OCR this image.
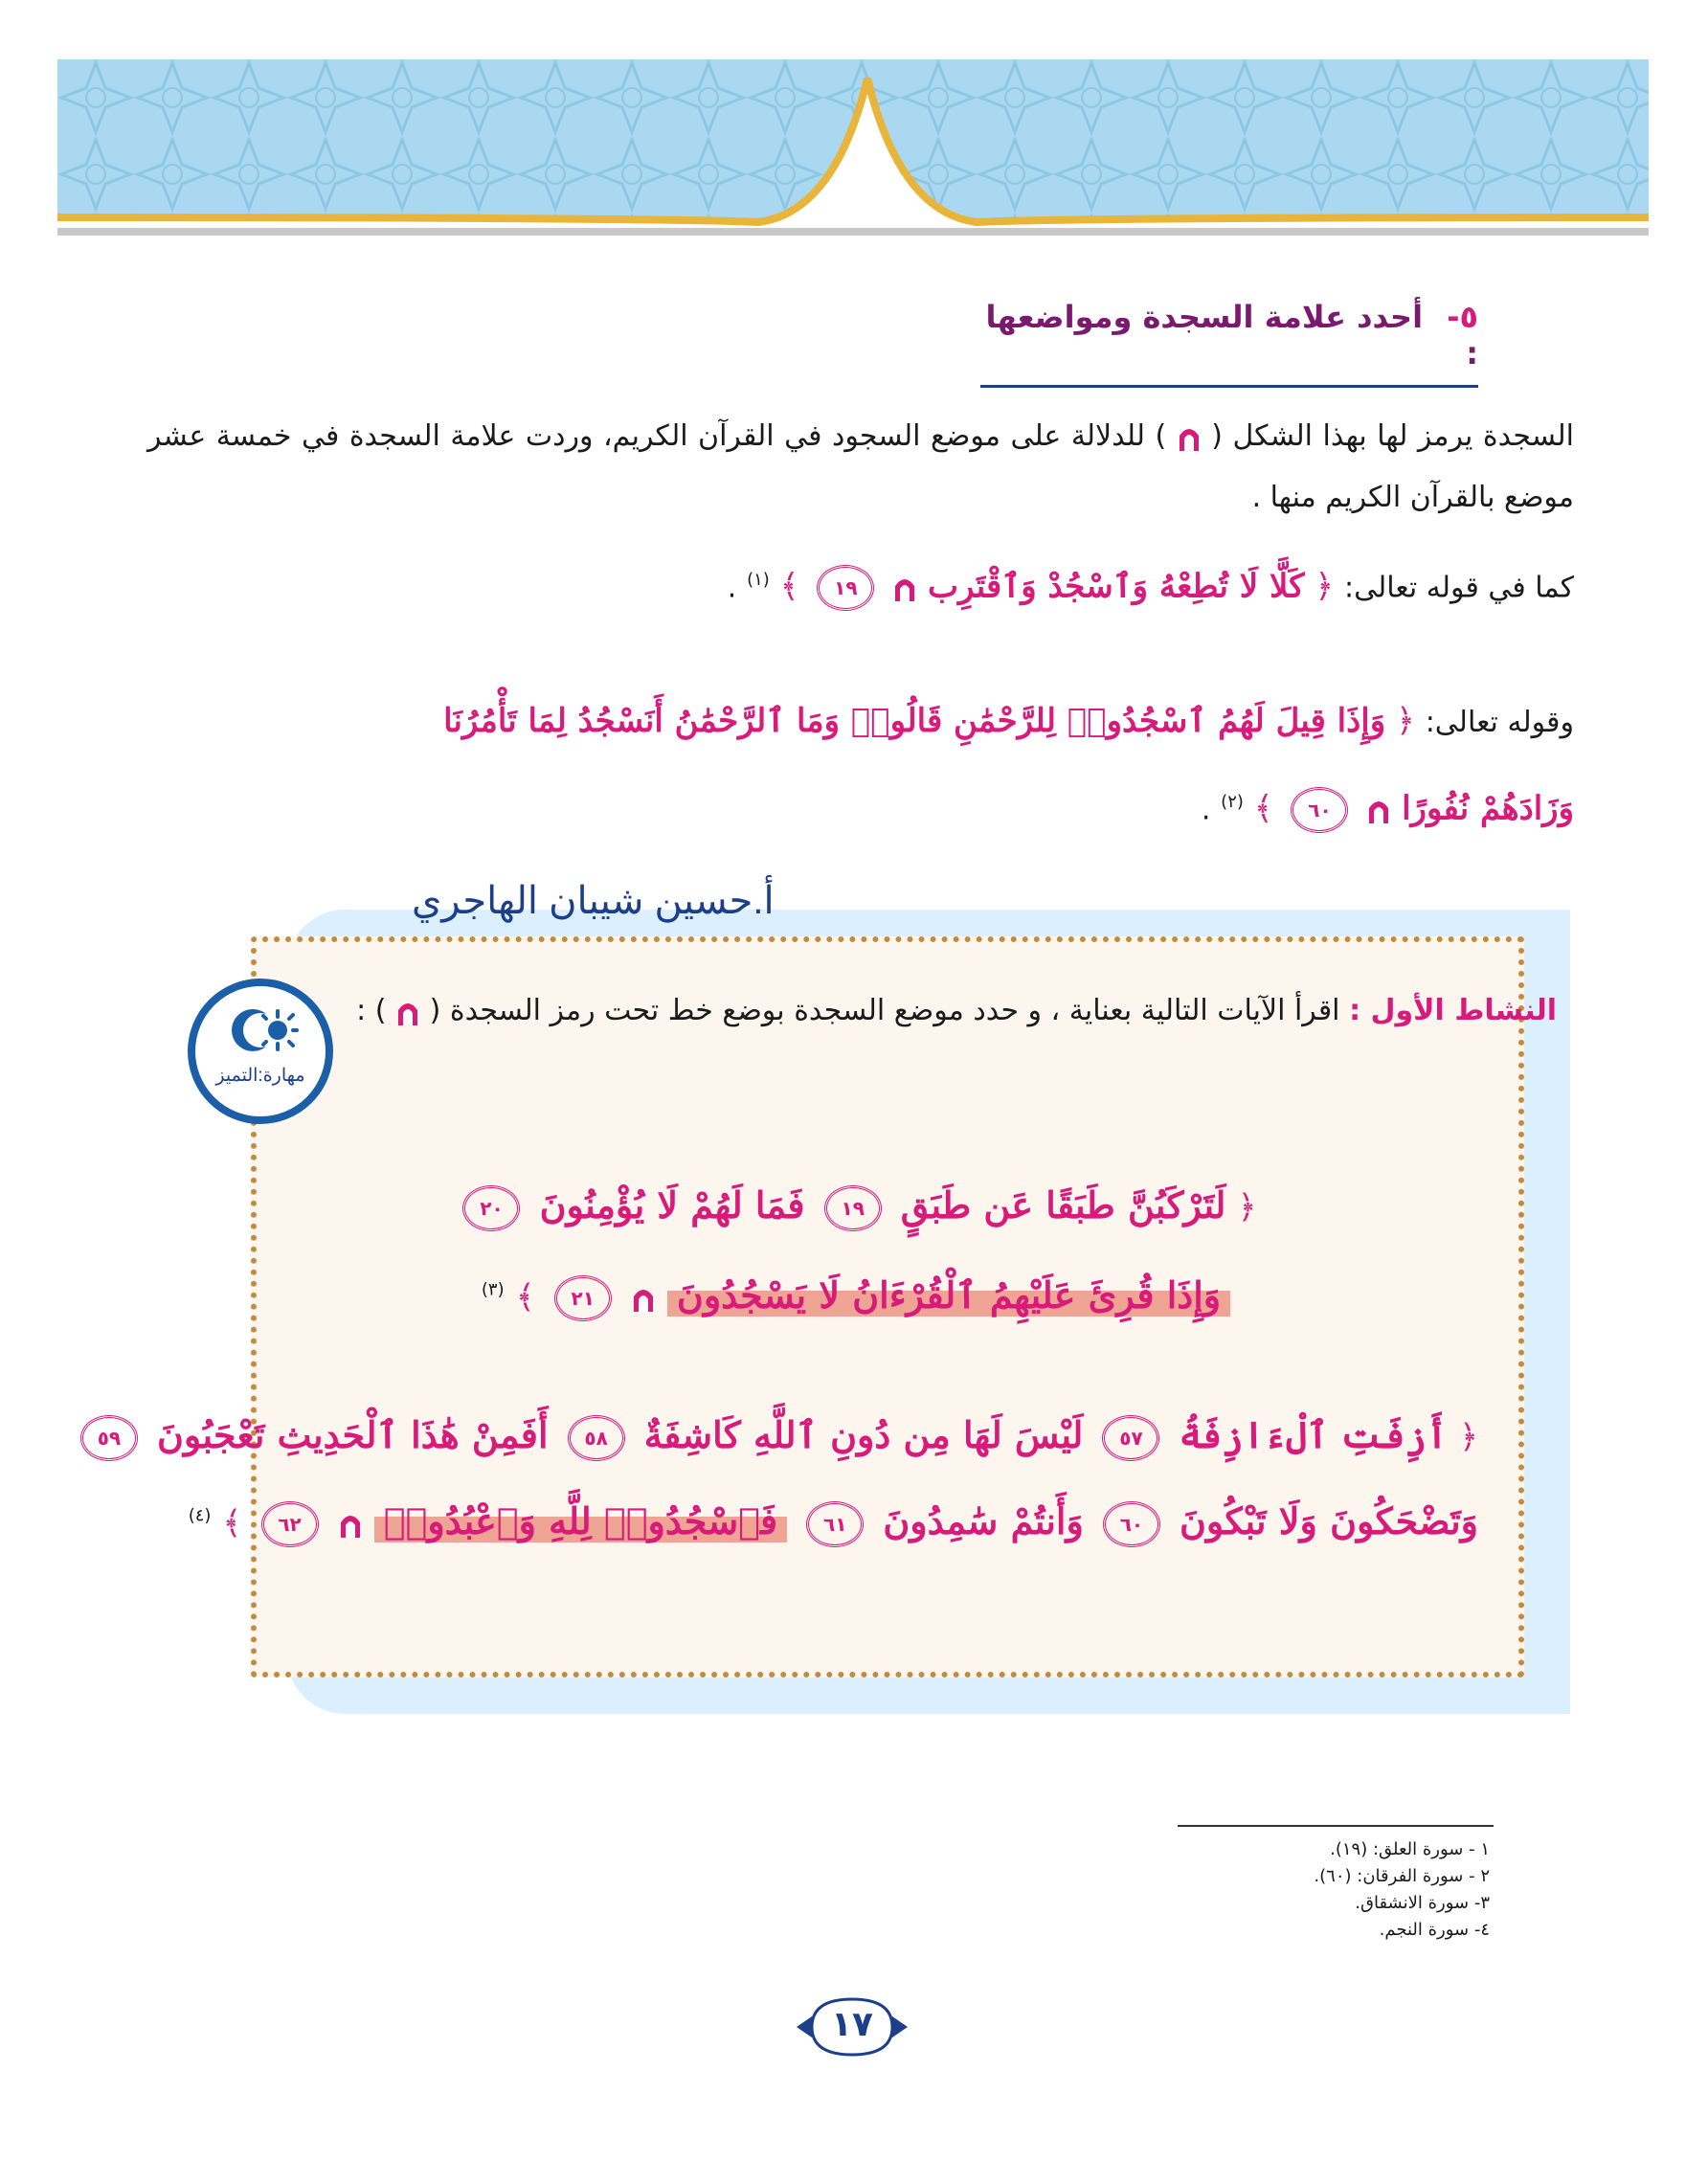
٥- أحدد علامة السجدة ومواضعها :
السجدة يرمز لها بهذا الشكل (
) للدلالة على موضع السجود في القرآن الكريم، وردت علامة السجدة في خمسة عشر موضع بالقرآن الكريم منها .
كما في قوله تعالى: ﴿ كَلَّا لَا تُطِعْهُ وَٱسْجُدْ وَٱقْتَرِب
١٩ ﴾ $^{(١)}$ .
وقوله تعالى: ﴿ وَإِذَا قِيلَ لَهُمُ ٱسْجُدُوا۟ لِلرَّحْمَٰنِ قَالُوا۟ وَمَا ٱلرَّحْمَٰنُ أَنَسْجُدُ لِمَا تَأْمُرُنَا
وَزَادَهُمْ نُفُورًا
٦٠ ﴾ $^{(٢)}$ .
أ.حسين شيبان الهاجري
مهارة:التميز
النشاط الأول : اقرأ الآيات التالية بعناية ، و حدد موضع السجدة بوضع خط تحت رمز السجدة (
) :
﴿ لَتَرْكَبُنَّ طَبَقًا عَن طَبَقٍ ١٩ فَمَا لَهُمْ لَا يُؤْمِنُونَ ٢٠
وَإِذَا قُرِئَ عَلَيْهِمُ ٱلْقُرْءَانُ لَا يَسْجُدُونَ
٢١ ﴾ $^{(٣)}$
﴿ أَزِفَتِ ٱلْءَازِفَةُ ٥٧ لَيْسَ لَهَا مِن دُونِ ٱللَّهِ كَاشِفَةٌ ٥٨ أَفَمِنْ هَٰذَا ٱلْحَدِيثِ تَعْجَبُونَ ٥٩
وَتَضْحَكُونَ وَلَا تَبْكُونَ ٦٠ وَأَنتُمْ سَٰمِدُونَ ٦١ فَٱسْجُدُوا۟ لِلَّهِ وَٱعْبُدُوا۟
٦٢ ﴾ $^{(٤)}$
١ - سورة العلق: (١٩).
٢ - سورة الفرقان: (٦٠).
٣- سورة الانشقاق.
٤- سورة النجم.
١٧
